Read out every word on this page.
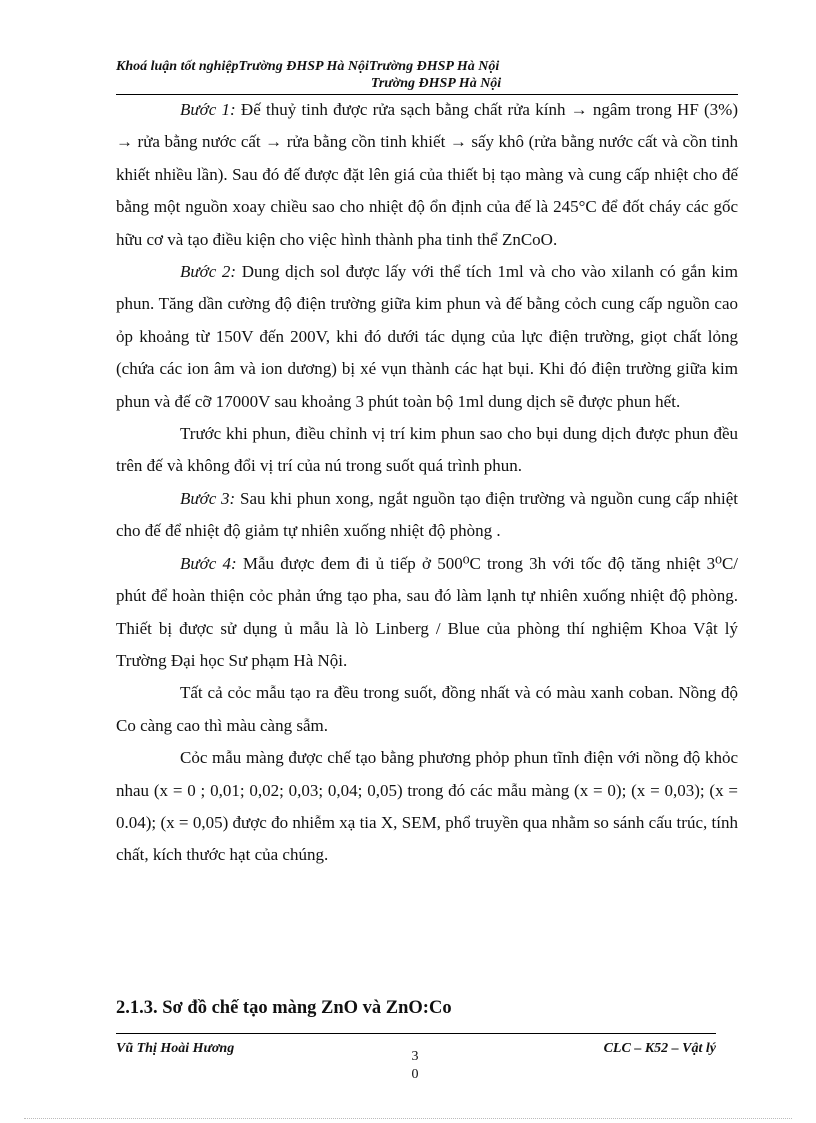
Khoá luận tốt nghiệpTrường ĐHSP Hà NộiTrường ĐHSP Hà Nội
Trường ĐHSP Hà Nội

Bước 1: Đế thuỷ tinh được rửa sạch bằng chất rửa kính → ngâm trong HF (3%) → rửa bằng nước cất → rửa bằng cồn tinh khiết → sấy khô (rửa bằng nước cất và cồn tinh khiết nhiều lần). Sau đó đế được đặt lên giá của thiết bị tạo màng và cung cấp nhiệt cho đế bằng một nguồn xoay chiều sao cho nhiệt độ ổn định của đế là 245°C để đốt cháy các gốc hữu cơ và tạo điều kiện cho việc hình thành pha tinh thể ZnCoO.

Bước 2: Dung dịch sol được lấy với thể tích 1ml và cho vào xilanh có gắn kim phun. Tăng dần cường độ điện trường giữa kim phun và đế bằng cỏch cung cấp nguồn cao ỏp khoảng từ 150V đến 200V, khi đó dưới tác dụng của lực điện trường, giọt chất lỏng (chứa các ion âm và ion dương) bị xé vụn thành các hạt bụi. Khi đó điện trường giữa kim phun và đế cỡ 17000V sau khoảng 3 phút toàn bộ 1ml dung dịch sẽ được phun hết.

Trước khi phun, điều chỉnh vị trí kim phun sao cho bụi dung dịch được phun đều trên đế và không đổi vị trí của nú trong suốt quá trình phun.

Bước 3: Sau khi phun xong, ngắt nguồn tạo điện trường và nguồn cung cấp nhiệt cho đế để nhiệt độ giảm tự nhiên xuống nhiệt độ phòng .

Bước 4: Mẫu được đem đi ủ tiếp ở 500⁰C trong 3h với tốc độ tăng nhiệt 3⁰C/ phút để hoàn thiện cỏc phản ứng tạo pha, sau đó làm lạnh tự nhiên xuống nhiệt độ phòng. Thiết bị được sử dụng ủ mẫu là lò Linberg / Blue của phòng thí nghiệm Khoa Vật lý Trường Đại học Sư phạm Hà Nội.

Tất cả cỏc mẫu tạo ra đều trong suốt, đồng nhất và có màu xanh coban. Nồng độ Co càng cao thì màu càng sẫm.

Cỏc mẫu màng được chế tạo bằng phương phỏp phun tĩnh điện với nồng độ khỏc nhau (x = 0 ; 0,01; 0,02; 0,03; 0,04; 0,05) trong đó các mẫu màng (x = 0); (x = 0,03); (x = 0.04); (x = 0,05) được đo nhiễm xạ tia X, SEM, phổ truyền qua nhằm so sánh cấu trúc, tính chất, kích thước hạt của chúng.

2.1.3. Sơ đồ chế tạo màng ZnO và ZnO:Co
Vũ Thị Hoài Hương
30
CLC – K52 – Vật lý
